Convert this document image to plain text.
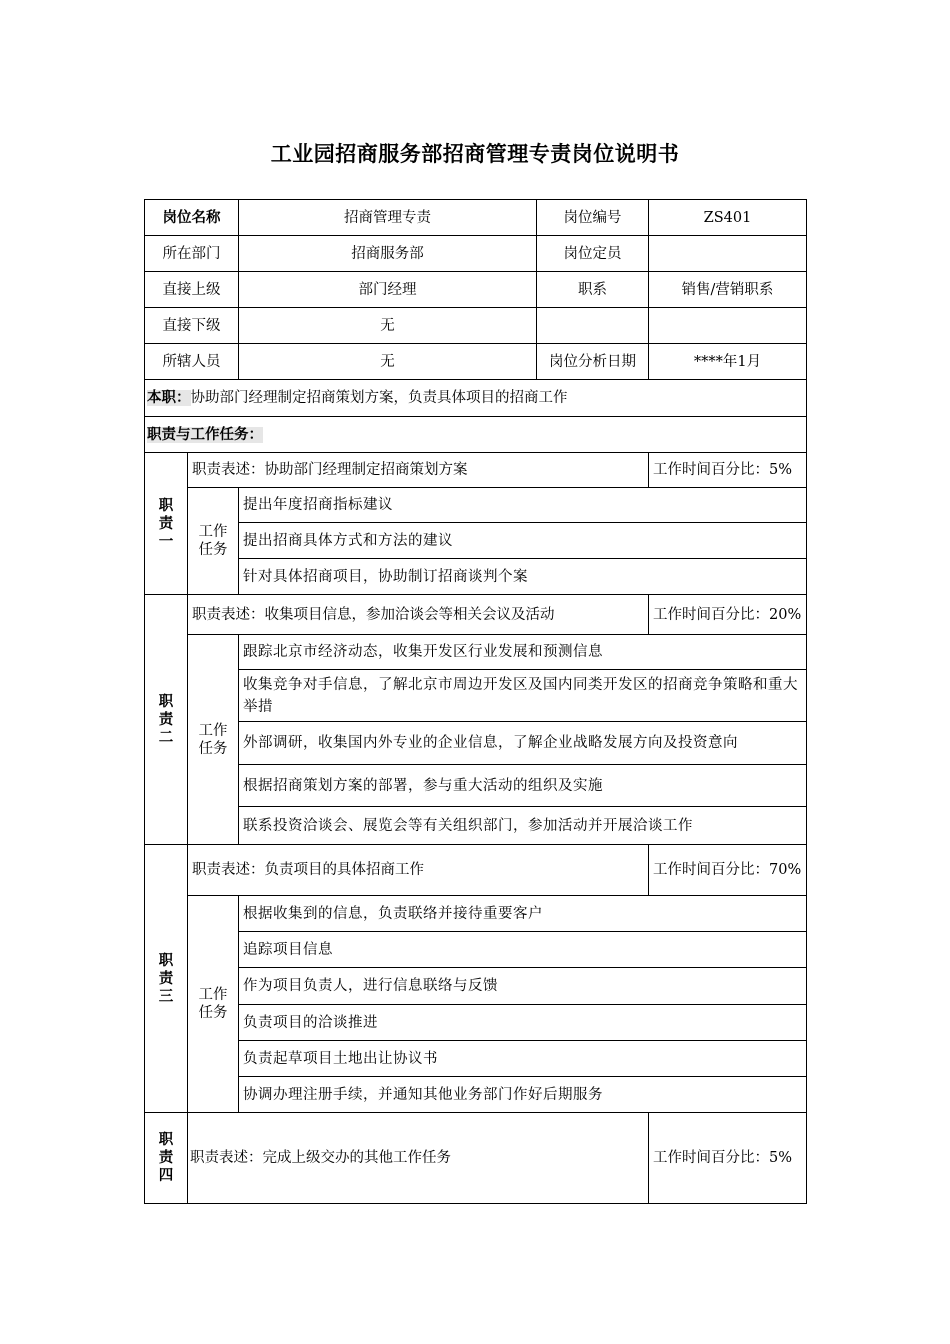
工业园招商服务部招商管理专责岗位说明书
岗位名称		招商管理专责	岗位编号	ZS401
所在部门		招商服务部	岗位定员	
直接上级		部门经理	职系	销售/营销职系
直接下级		无		
所辖人员		无	岗位分析日期	****年1月
本职：协助部门经理制定招商策划方案，负责具体项目的招商工作				
职责与工作任务：				
职责一	职责表述：协助部门经理制定招商策划方案			工作时间百分比：5%
	工作任务	提出年度招商指标建议		
		提出招商具体方式和方法的建议		
		针对具体招商项目，协助制订招商谈判个案		
职责二	职责表述：收集项目信息，参加洽谈会等相关会议及活动			工作时间百分比：20%
	工作任务	跟踪北京市经济动态，收集开发区行业发展和预测信息		
		收集竞争对手信息，了解北京市周边开发区及国内同类开发区的招商竞争策略和重大举措		
		外部调研，收集国内外专业的企业信息，了解企业战略发展方向及投资意向		
		根据招商策划方案的部署，参与重大活动的组织及实施		
		联系投资洽谈会、展览会等有关组织部门，参加活动并开展洽谈工作		
职责三	职责表述：负责项目的具体招商工作			工作时间百分比：70%
	工作任务	根据收集到的信息，负责联络并接待重要客户		
		追踪项目信息		
		作为项目负责人，进行信息联络与反馈		
		负责项目的洽谈推进		
		负责起草项目土地出让协议书		
		协调办理注册手续，并通知其他业务部门作好后期服务		
职责四	职责表述：完成上级交办的其他工作任务			工作时间百分比：5%
